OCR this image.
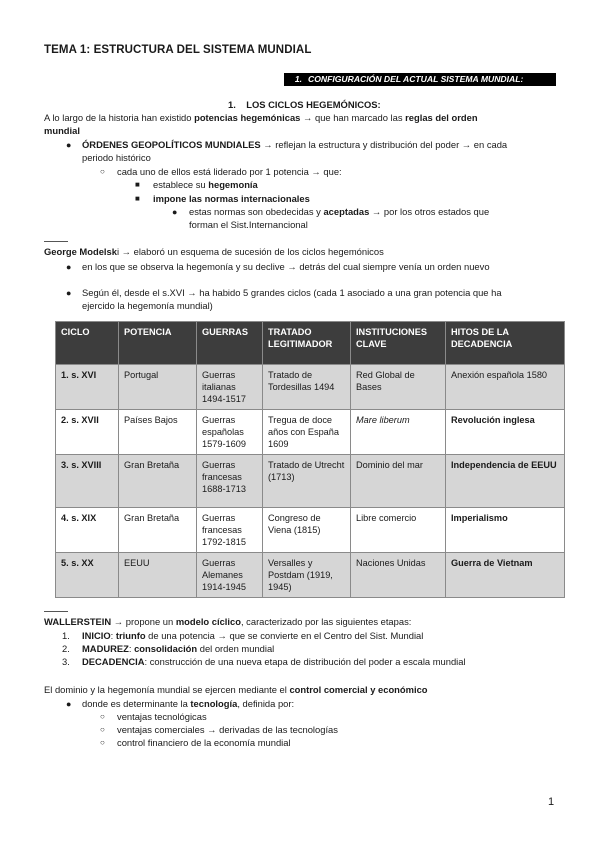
TEMA 1: ESTRUCTURA DEL SISTEMA MUNDIAL
1. CONFIGURACIÓN DEL ACTUAL SISTEMA MUNDIAL:
1. LOS CICLOS HEGEMÓNICOS:
A lo largo de la historia han existido potencias hegemónicas → que han marcado las reglas del orden
mundial
● ÓRDENES GEOPOLÍTICOS MUNDIALES → reflejan la estructura y distribución del poder → en cada
periodo histórico
○ cada uno de ellos está liderado por 1 potencia → que:
■ establece su hegemonía
■ impone las normas internacionales
● estas normas son obedecidas y aceptadas → por los otros estados que
forman el Sist.Internancional
George Modelski → elaboró un esquema de sucesión de los ciclos hegemónicos
● en los que se observa la hegemonía y su declive → detrás del cual siempre venía un orden nuevo
● Según él, desde el s.XVI → ha habido 5 grandes ciclos (cada 1 asociado a una gran potencia que ha
ejercido la hegemonía mundial)
CICLO	POTENCIA	GUERRAS	TRATADO LEGITIMADOR	INSTITUCIONES CLAVE	HITOS DE LA DECADENCIA
1. s. XVI	Portugal	Guerras italianas 1494-1517	Tratado de Tordesillas 1494	Red Global de Bases	Anexión española 1580
2. s. XVII	Países Bajos	Guerras españolas 1579-1609	Tregua de doce años con España 1609	Mare liberum	Revolución inglesa
3. s. XVIII	Gran Bretaña	Guerras francesas 1688-1713	Tratado de Utrecht (1713)	Dominio del mar	Independencia de EEUU
4. s. XIX	Gran Bretaña	Guerras francesas 1792-1815	Congreso de Viena (1815)	Libre comercio	Imperialismo
5. s. XX	EEUU	Guerras Alemanes 1914-1945	Versalles y Postdam (1919, 1945)	Naciones Unidas	Guerra de Vietnam
WALLERSTEIN → propone un modelo cíclico, caracterizado por las siguientes etapas:
1. INICIO: triunfo de una potencia → que se convierte en el Centro del Sist. Mundial
2. MADUREZ: consolidación del orden mundial
3. DECADENCIA: construcción de una nueva etapa de distribución del poder a escala mundial
El dominio y la hegemonía mundial se ejercen mediante el control comercial y económico
● donde es determinante la tecnología, definida por:
○ ventajas tecnológicas
○ ventajas comerciales → derivadas de las tecnologías
○ control financiero de la economía mundial
1
